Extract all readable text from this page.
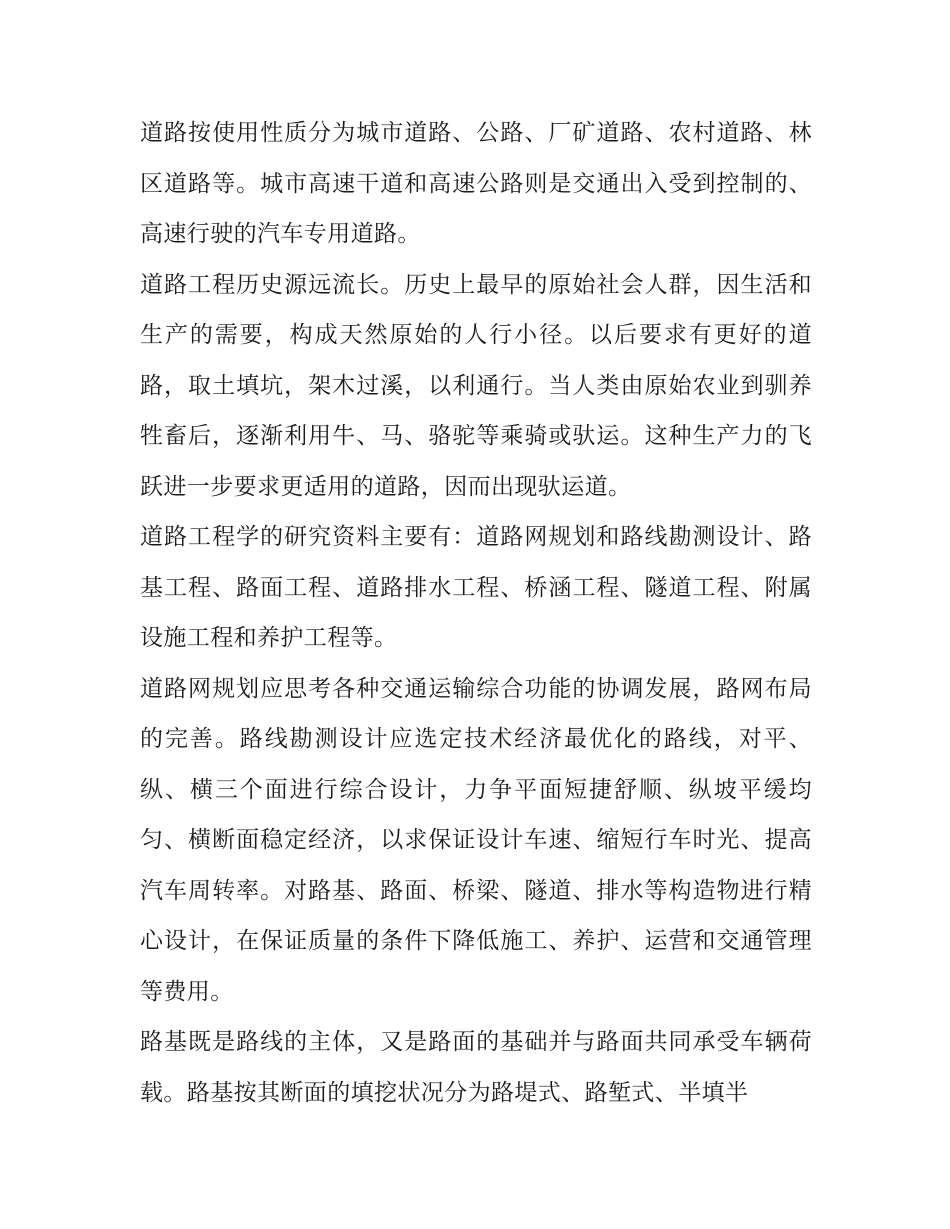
道路按使用性质分为城市道路、公路、厂矿道路、农村道路、林区道路等。城市高速干道和高速公路则是交通出入受到控制的、高速行驶的汽车专用道路。

道路工程历史源远流长。历史上最早的原始社会人群，因生活和生产的需要，构成天然原始的人行小径。以后要求有更好的道路，取土填坑，架木过溪，以利通行。当人类由原始农业到驯养牲畜后，逐渐利用牛、马、骆驼等乘骑或驮运。这种生产力的飞跃进一步要求更适用的道路，因而出现驮运道。

道路工程学的研究资料主要有：道路网规划和路线勘测设计、路基工程、路面工程、道路排水工程、桥涵工程、隧道工程、附属设施工程和养护工程等。

道路网规划应思考各种交通运输综合功能的协调发展，路网布局的完善。路线勘测设计应选定技术经济最优化的路线，对平、纵、横三个面进行综合设计，力争平面短捷舒顺、纵坡平缓均匀、横断面稳定经济，以求保证设计车速、缩短行车时光、提高汽车周转率。对路基、路面、桥梁、隧道、排水等构造物进行精心设计，在保证质量的条件下降低施工、养护、运营和交通管理等费用。

路基既是路线的主体，又是路面的基础并与路面共同承受车辆荷载。路基按其断面的填挖状况分为路堤式、路堑式、半填半
